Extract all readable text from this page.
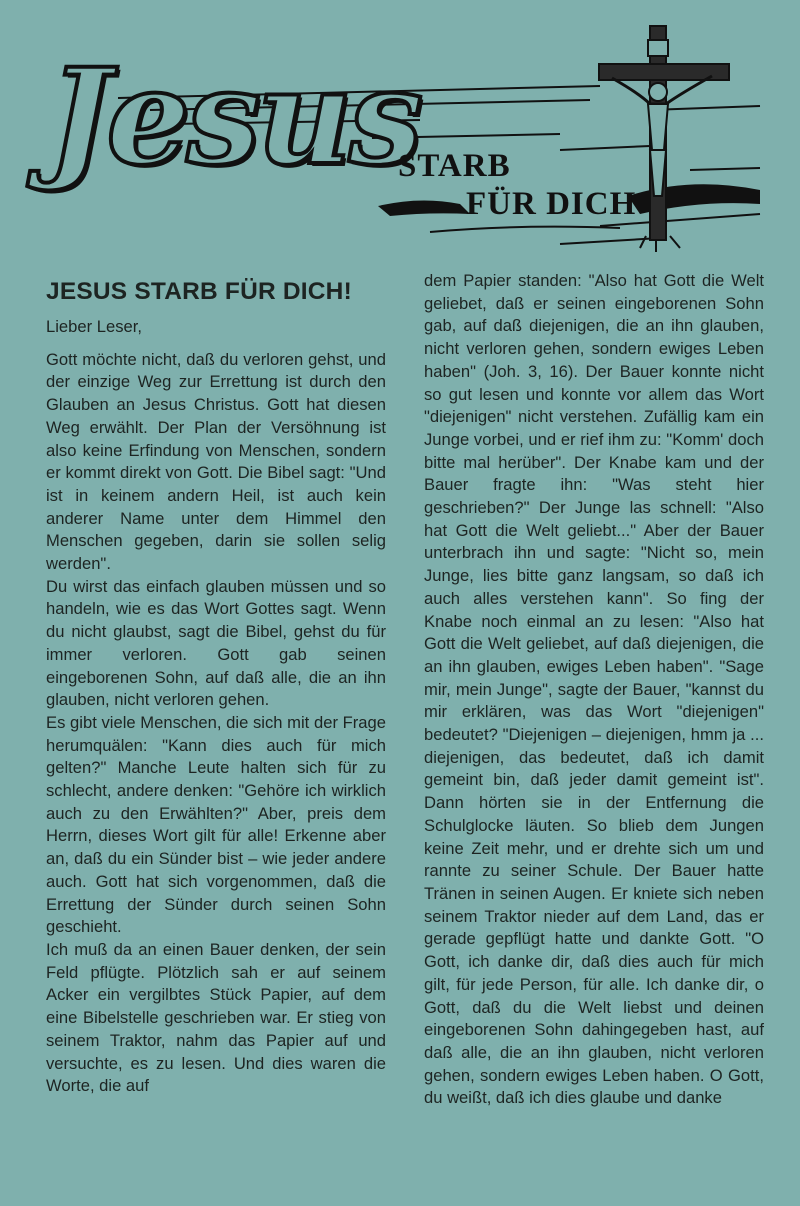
Jesus
STARB
FÜR DICH
JESUS STARB FÜR DICH!

Lieber Leser,

Gott möchte nicht, daß du verloren gehst, und der einzige Weg zur Errettung ist durch den Glauben an Jesus Christus. Gott hat diesen Weg erwählt. Der Plan der Versöhnung ist also keine Erfindung von Menschen, sondern er kommt direkt von Gott. Die Bibel sagt: "Und ist in keinem andern Heil, ist auch kein anderer Name unter dem Himmel den Menschen gegeben, darin sie sollen selig werden".

Du wirst das einfach glauben müssen und so handeln, wie es das Wort Gottes sagt. Wenn du nicht glaubst, sagt die Bibel, gehst du für immer verloren. Gott gab seinen eingeborenen Sohn, auf daß alle, die an ihn glauben, nicht verloren gehen.

Es gibt viele Menschen, die sich mit der Frage herumquälen: "Kann dies auch für mich gelten?" Manche Leute halten sich für zu schlecht, andere denken: "Gehöre ich wirklich auch zu den Erwählten?" Aber, preis dem Herrn, dieses Wort gilt für alle! Erkenne aber an, daß du ein Sünder bist – wie jeder andere auch. Gott hat sich vorgenommen, daß die Errettung der Sünder durch seinen Sohn geschieht.

Ich muß da an einen Bauer denken, der sein Feld pflügte. Plötzlich sah er auf seinem Acker ein vergilbtes Stück Papier, auf dem eine Bibelstelle geschrieben war. Er stieg von seinem Traktor, nahm das Papier auf und versuchte, es zu lesen. Und dies waren die Worte, die auf

dem Papier standen: "Also hat Gott die Welt geliebet, daß er seinen eingeborenen Sohn gab, auf daß diejenigen, die an ihn glauben, nicht verloren gehen, sondern ewiges Leben haben" (Joh. 3, 16). Der Bauer konnte nicht so gut lesen und konnte vor allem das Wort "diejenigen" nicht verstehen. Zufällig kam ein Junge vorbei, und er rief ihm zu: "Komm' doch bitte mal herüber". Der Knabe kam und der Bauer fragte ihn: "Was steht hier geschrieben?" Der Junge las schnell: "Also hat Gott die Welt geliebt..." Aber der Bauer unterbrach ihn und sagte: "Nicht so, mein Junge, lies bitte ganz langsam, so daß ich auch alles verstehen kann". So fing der Knabe noch einmal an zu lesen: "Also hat Gott die Welt geliebet, auf daß diejenigen, die an ihn glauben, ewiges Leben haben". "Sage mir, mein Junge", sagte der Bauer, "kannst du mir erklären, was das Wort "diejenigen" bedeutet? "Diejenigen – diejenigen, hmm ja ... diejenigen, das bedeutet, daß ich damit gemeint bin, daß jeder damit gemeint ist". Dann hörten sie in der Entfernung die Schulglocke läuten. So blieb dem Jungen keine Zeit mehr, und er drehte sich um und rannte zu seiner Schule. Der Bauer hatte Tränen in seinen Augen. Er kniete sich neben seinem Traktor nieder auf dem Land, das er gerade gepflügt hatte und dankte Gott. "O Gott, ich danke dir, daß dies auch für mich gilt, für jede Person, für alle. Ich danke dir, o Gott, daß du die Welt liebst und deinen eingeborenen Sohn dahingegeben hast, auf daß alle, die an ihn glauben, nicht verloren gehen, sondern ewiges Leben haben. O Gott, du weißt, daß ich dies glaube und danke
